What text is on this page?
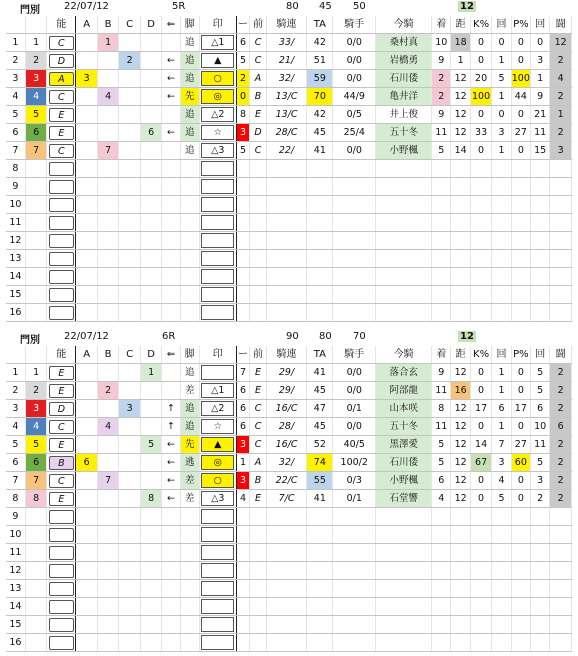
門別 22/07/12	5R	80 45 50	12
		能	A	B	C	D	⇐	脚	印	ー	前	騎連	TA	騎手	今騎	着	距	K%	回	P%	回	闘
1	1	C		1				追	△1	6	C	33/	42	0/0	桑村真	10	18	0	0	0	0	12
2	2	D			2		←	追	▲	5	C	21/	51	0/0	岩橋勇	9	1	0	1	0	3	2
3	3	A	3				←	追	○	2	A	32/	59	0/0	石川倭	2	12	20	5	100	1	4
4	4	C		4			←	先	◎	0	B	13/C	70	44/9	亀井洋	2	12	100	1	44	9	2
5	5	E						追	△2	8	E	13/C	42	0/5	井上俊	9	12	0	0	0	21	1
6	6	E				6	←	追	☆	3	D	28/C	45	25/4	五十冬	11	12	33	3	27	11	2
7	7	C		7				追	△3	5	C	22/	41	0/0	小野楓	5	14	0	1	0	15	3
8																						
9																						
10																						
11																						
12																						
13																						
14																						
15																						
16																						
門別 22/07/12	6R	90 80 70	12
		能	A	B	C	D	⇐	脚	印	ー	前	騎連	TA	騎手	今騎	着	距	K%	回	P%	回	闘
1	1	E				1		追		7	E	29/	41	0/0	落合玄	9	12	0	1	0	5	2
2	2	E		2				差	△1	6	E	29/	45	0/0	阿部龍	11	16	0	1	0	5	2
3	3	D			3		↑	追	△2	6	C	16/C	47	0/1	山本咲	8	12	17	6	17	6	2
4	4	C		4			↑	追	☆	6	C	28/	45	0/0	五十冬	11	12	0	1	0	10	6
5	5	E				5	←	先	▲	3	C	16/C	52	40/5	黒澤愛	5	12	14	7	27	11	2
6	6	B	6				←	逃	◎	1	A	32/	74	100/2	石川倭	5	12	67	3	60	5	2
7	7	C		7			←	差	○	3	B	22/C	55	0/3	小野楓	6	12	0	4	0	3	2
8	8	E				8	←	差	△3	4	E	7/C	41	0/1	石堂響	4	12	0	5	0	2	2
9																						
10																						
11																						
12																						
13																						
14																						
15																						
16																						
